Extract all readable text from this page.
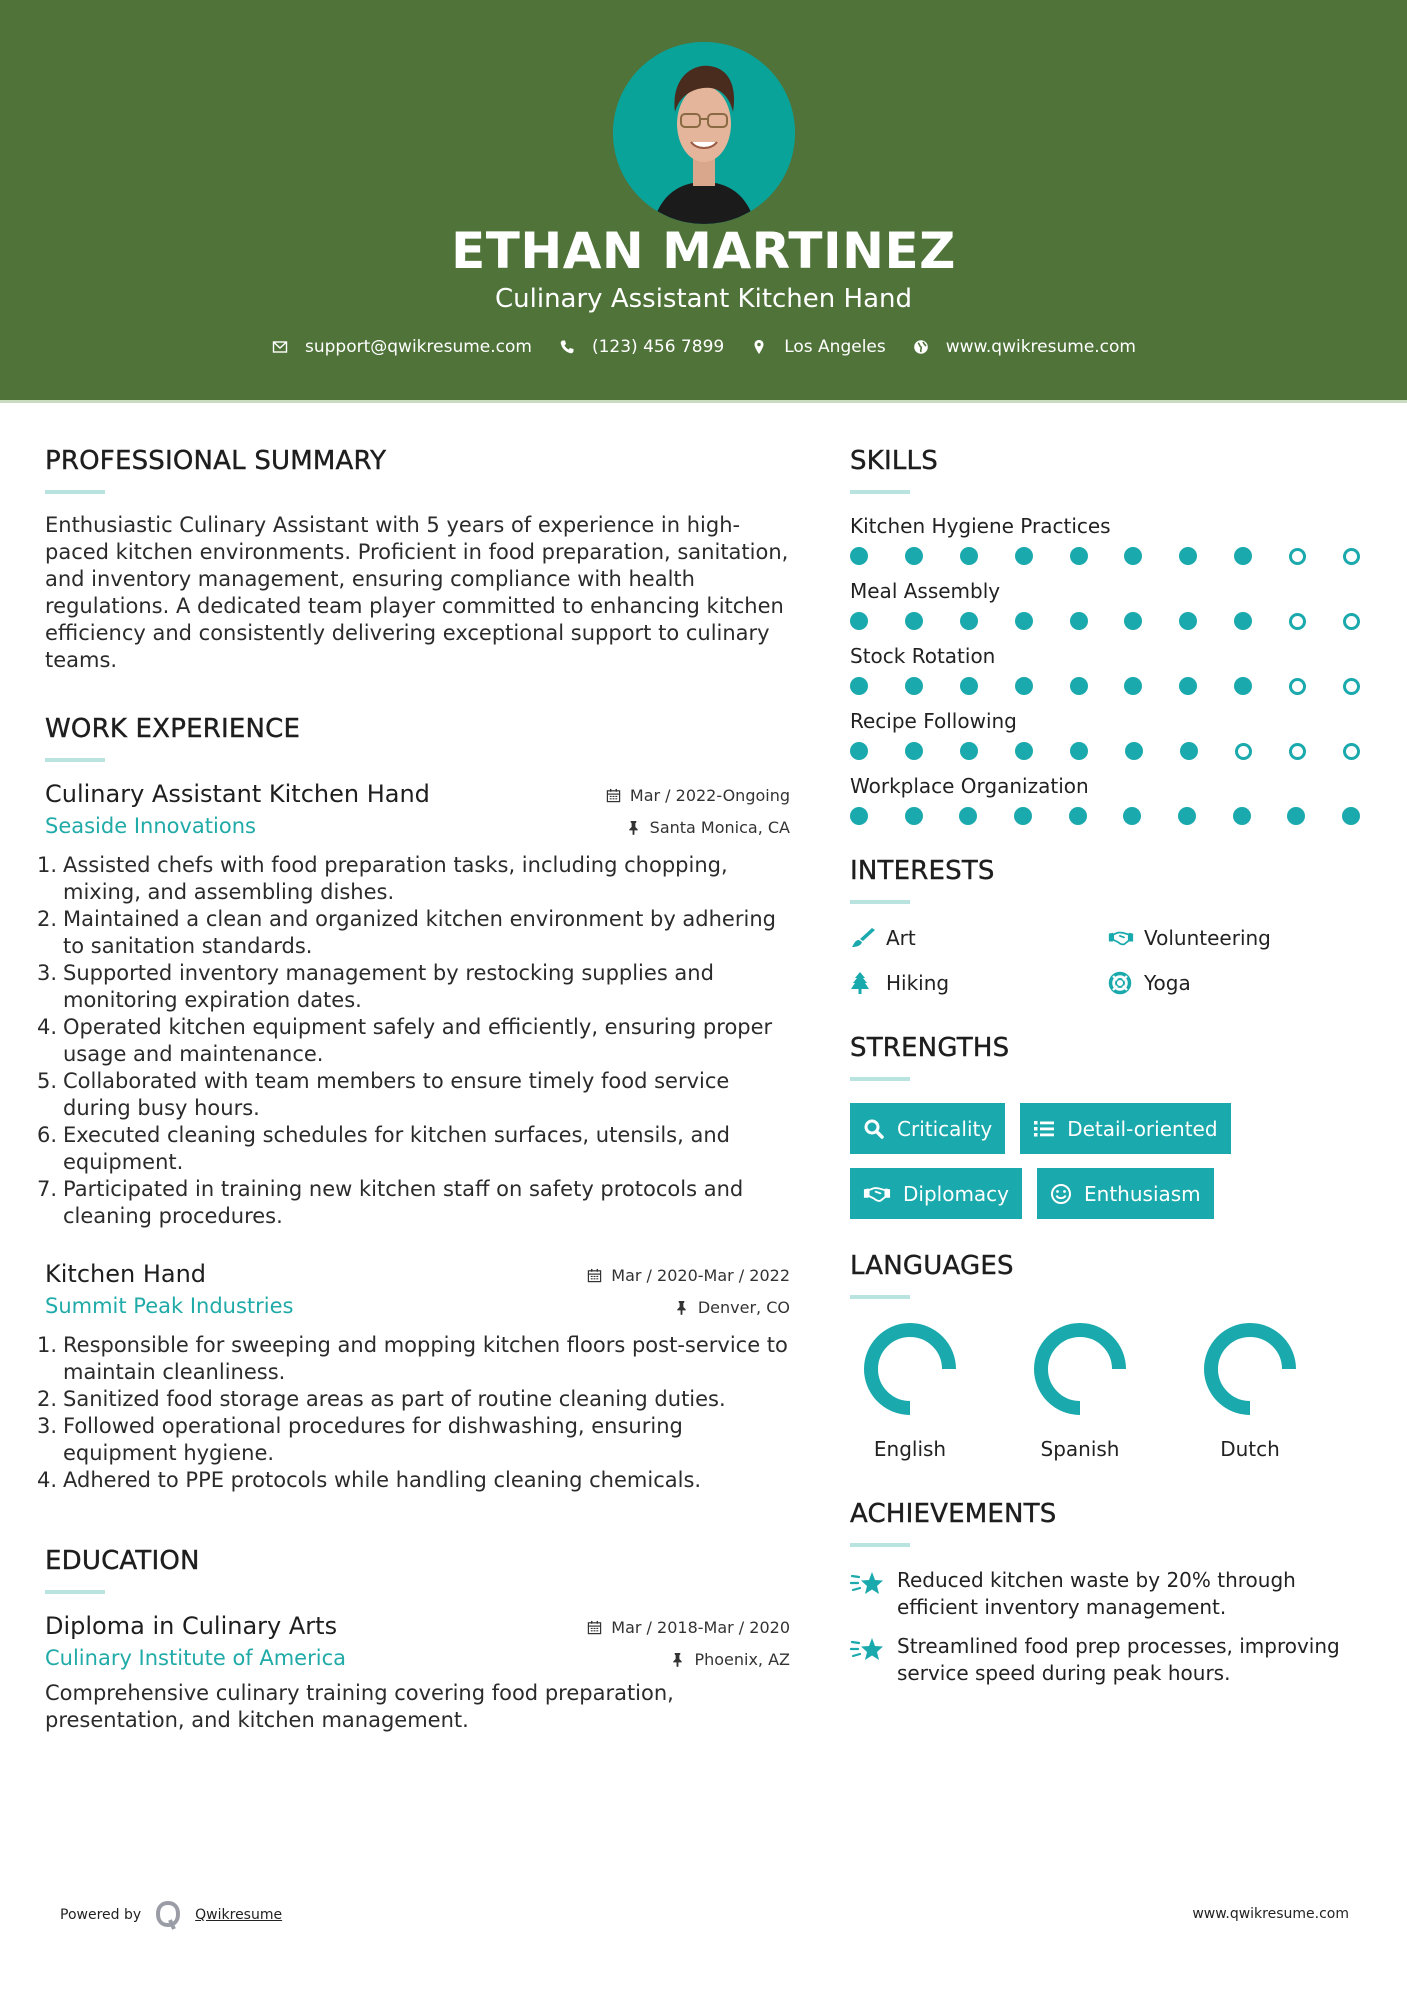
ETHAN MARTINEZ
Culinary Assistant Kitchen Hand
support@qwikresume.com	(123) 456 7899	Los Angeles	www.qwikresume.com
PROFESSIONAL SUMMARY

Enthusiastic Culinary Assistant with 5 years of experience in high-paced kitchen environments. Proficient in food preparation, sanitation, and inventory management, ensuring compliance with health regulations. A dedicated team player committed to enhancing kitchen efficiency and consistently delivering exceptional support to culinary teams.

WORK EXPERIENCE
Culinary Assistant Kitchen Hand	Mar / 2022-Ongoing
Seaside Innovations	Santa Monica, CA
1. Assisted chefs with food preparation tasks, including chopping, mixing, and assembling dishes.
2. Maintained a clean and organized kitchen environment by adhering to sanitation standards.
3. Supported inventory management by restocking supplies and monitoring expiration dates.
4. Operated kitchen equipment safely and efficiently, ensuring proper usage and maintenance.
5. Collaborated with team members to ensure timely food service during busy hours.
6. Executed cleaning schedules for kitchen surfaces, utensils, and equipment.
7. Participated in training new kitchen staff on safety protocols and cleaning procedures.
Kitchen Hand	Mar / 2020-Mar / 2022
Summit Peak Industries	Denver, CO
1. Responsible for sweeping and mopping kitchen floors post-service to maintain cleanliness.
2. Sanitized food storage areas as part of routine cleaning duties.
3. Followed operational procedures for dishwashing, ensuring equipment hygiene.
4. Adhered to PPE protocols while handling cleaning chemicals.
EDUCATION
Diploma in Culinary Arts	Mar / 2018-Mar / 2020
Culinary Institute of America	Phoenix, AZ

Comprehensive culinary training covering food preparation, presentation, and kitchen management.

SKILLS
Kitchen Hygiene Practices
Meal Assembly
Stock Rotation
Recipe Following
Workplace Organization
INTERESTS
Art	Volunteering
Hiking	Yoga
STRENGTHS
Criticality	Detail-oriented
Diplomacy	Enthusiasm
LANGUAGES
English	Spanish	Dutch
ACHIEVEMENTS
Reduced kitchen waste by 20% through efficient inventory management.
Streamlined food prep processes, improving service speed during peak hours.
Powered by	Qwikresume	www.qwikresume.com
